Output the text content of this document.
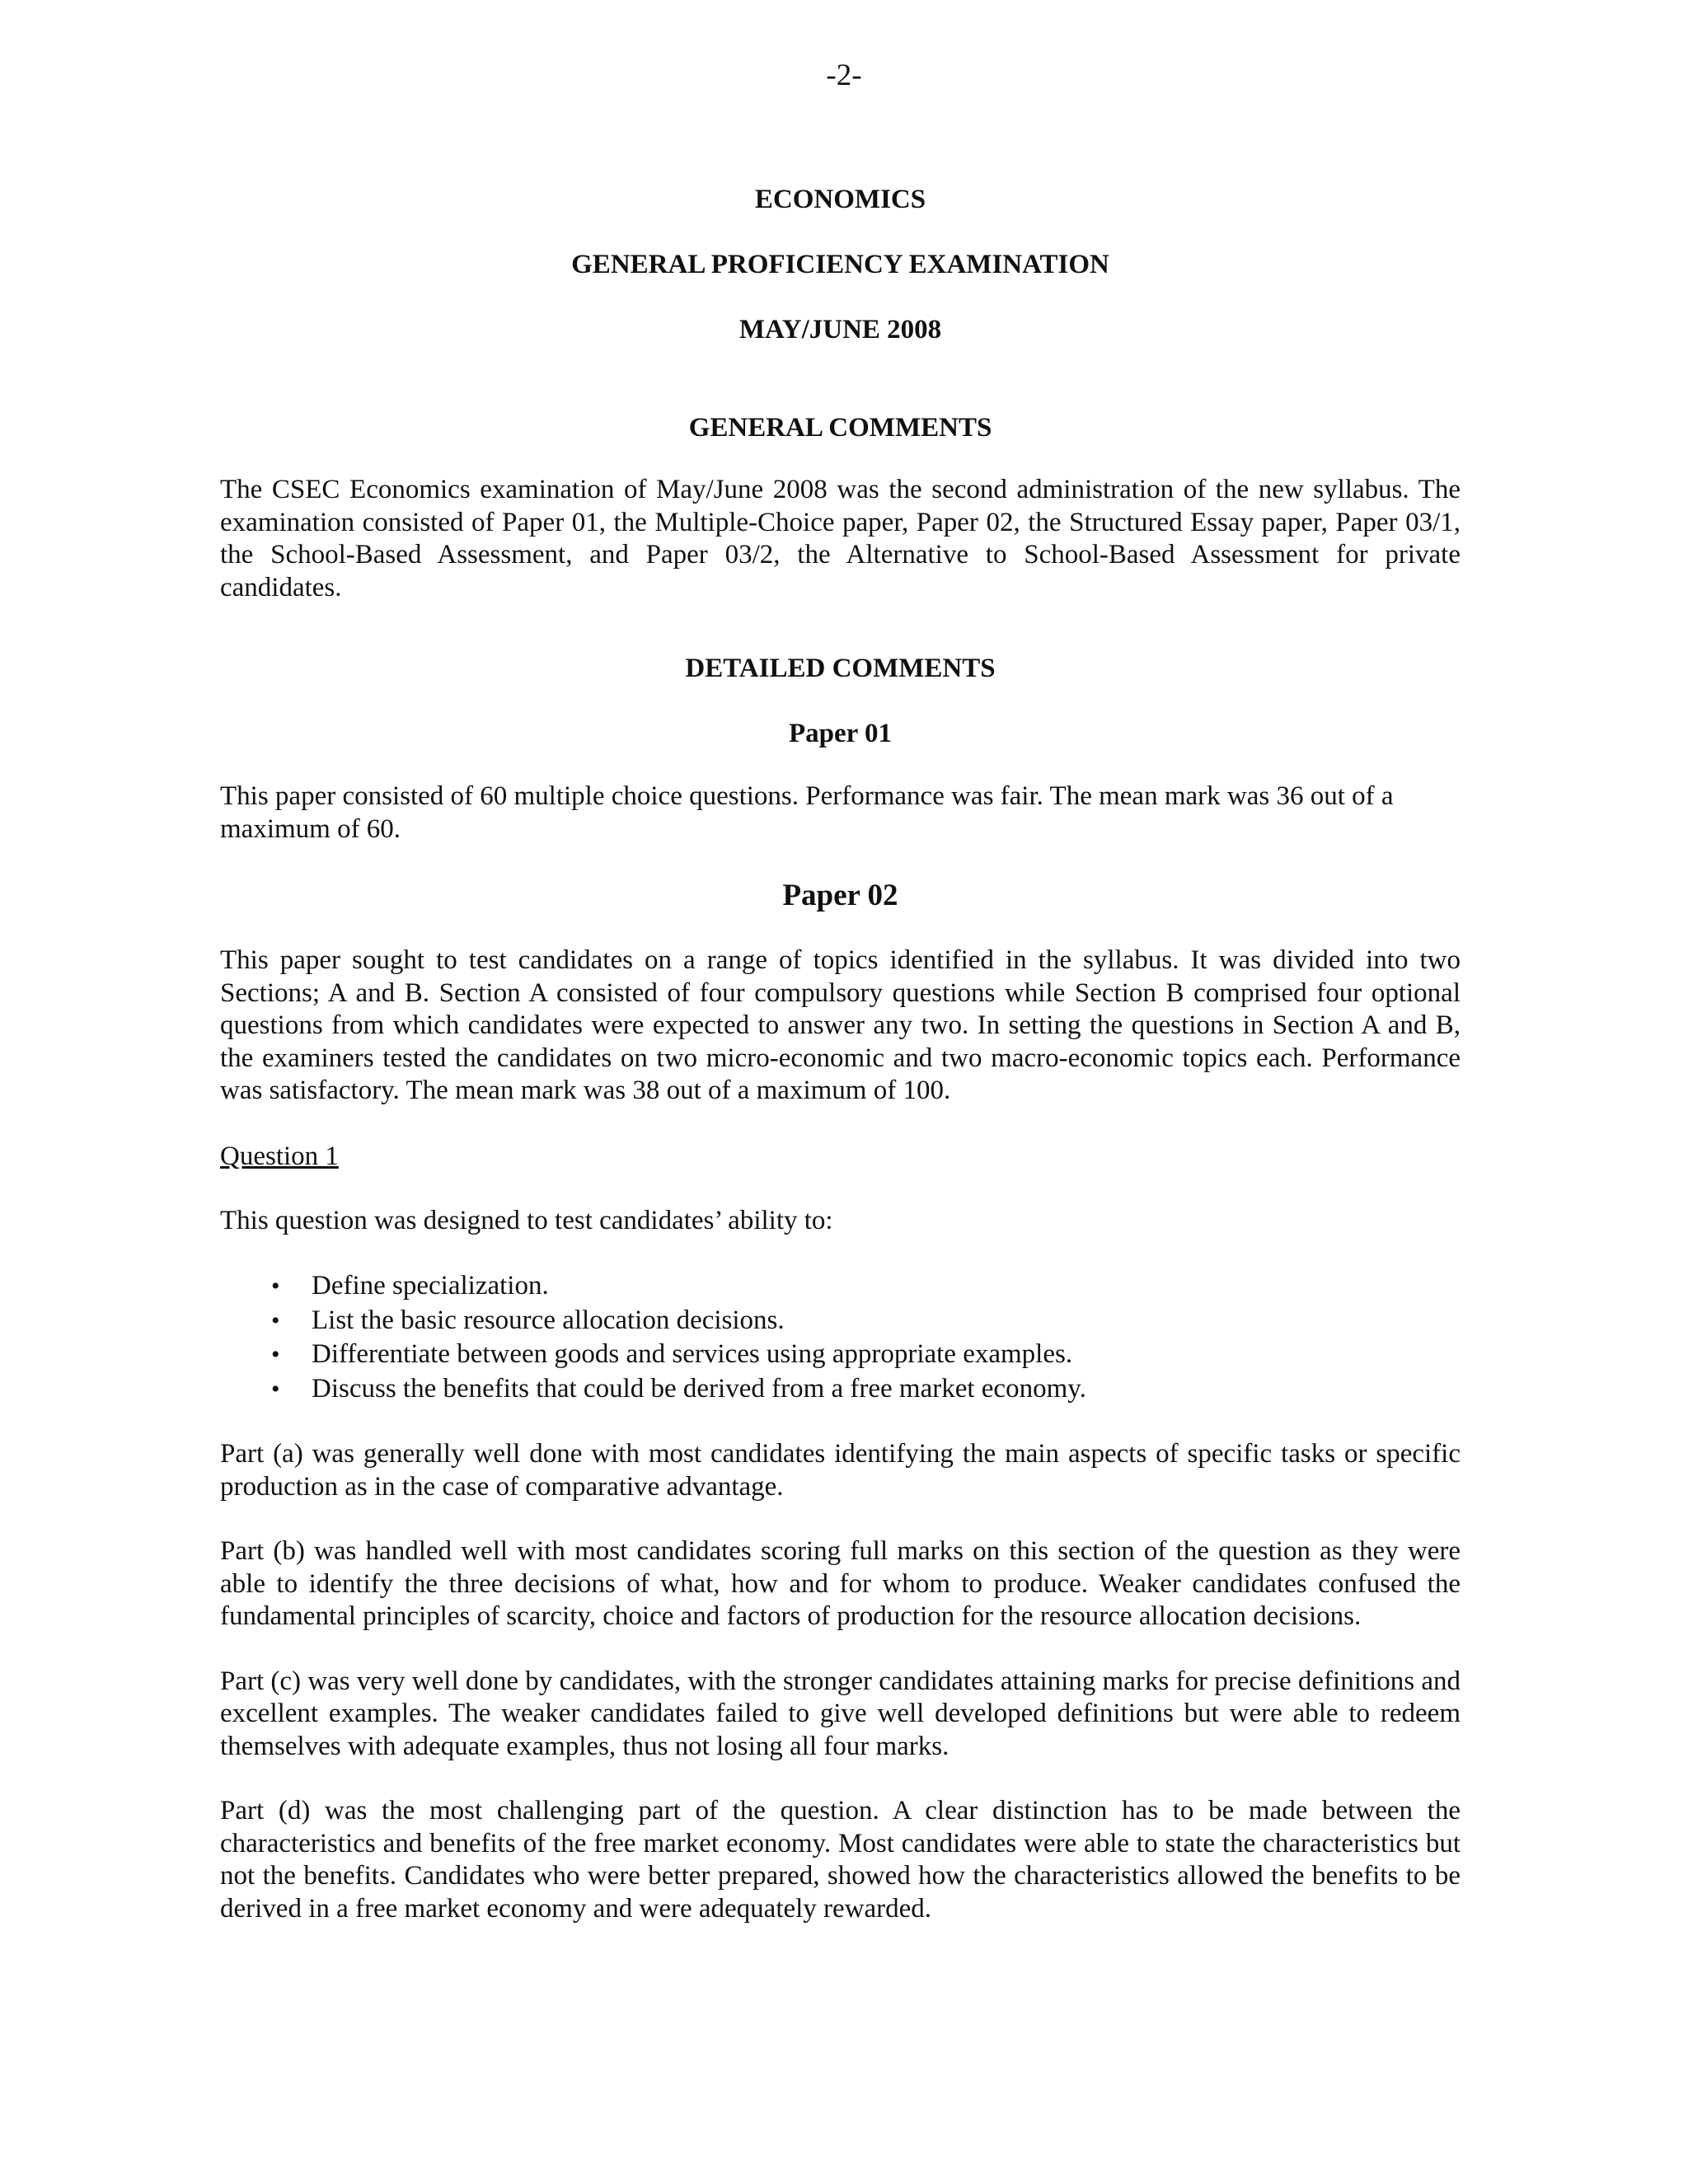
-2-
ECONOMICS
GENERAL PROFICIENCY EXAMINATION
MAY/JUNE 2008
GENERAL COMMENTS

The CSEC Economics examination of May/June 2008 was the second administration of the new syllabus. The examination consisted of Paper 01, the Multiple-Choice paper, Paper 02, the Structured Essay paper, Paper 03/1, the School-Based Assessment, and Paper 03/2, the Alternative to School-Based Assessment for private candidates.

DETAILED COMMENTS
Paper 01

This paper consisted of 60 multiple choice questions. Performance was fair. The mean mark was 36 out of a maximum of 60.

Paper 02

This paper sought to test candidates on a range of topics identified in the syllabus. It was divided into two Sections; A and B. Section A consisted of four compulsory questions while Section B comprised four optional questions from which candidates were expected to answer any two. In setting the questions in Section A and B, the examiners tested the candidates on two micro-economic and two macro-economic topics each. Performance was satisfactory. The mean mark was 38 out of a maximum of 100.

Question 1

This question was designed to test candidates’ ability to:

• Define specialization.
• List the basic resource allocation decisions.
• Differentiate between goods and services using appropriate examples.
• Discuss the benefits that could be derived from a free market economy.

Part (a) was generally well done with most candidates identifying the main aspects of specific tasks or specific production as in the case of comparative advantage.

Part (b) was handled well with most candidates scoring full marks on this section of the question as they were able to identify the three decisions of what, how and for whom to produce. Weaker candidates confused the fundamental principles of scarcity, choice and factors of production for the resource allocation decisions.

Part (c) was very well done by candidates, with the stronger candidates attaining marks for precise definitions and excellent examples. The weaker candidates failed to give well developed definitions but were able to redeem themselves with adequate examples, thus not losing all four marks.

Part (d) was the most challenging part of the question. A clear distinction has to be made between the characteristics and benefits of the free market economy. Most candidates were able to state the characteristics but not the benefits. Candidates who were better prepared, showed how the characteristics allowed the benefits to be derived in a free market economy and were adequately rewarded.
